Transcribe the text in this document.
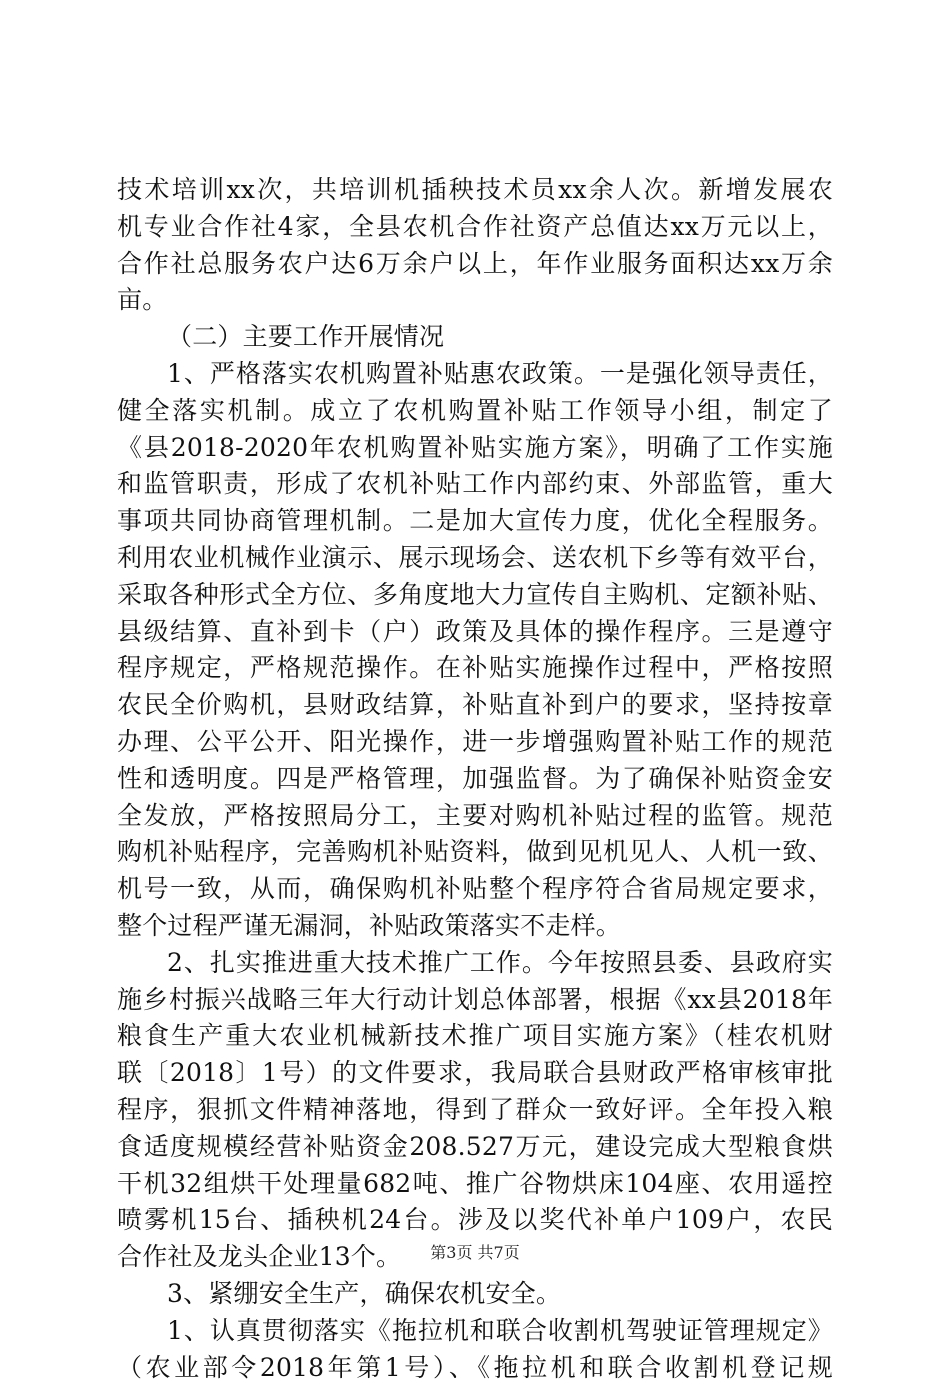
技术培训xx次，共培训机插秧技术员xx余人次。新增发展农
机专业合作社4家，全县农机合作社资产总值达xx万元以上，
合作社总服务农户达6万余户以上，年作业服务面积达xx万余
亩。
（二）主要工作开展情况
1、严格落实农机购置补贴惠农政策。一是强化领导责任，
健全落实机制。成立了农机购置补贴工作领导小组，制定了
《县2018-2020年农机购置补贴实施方案》，明确了工作实施
和监管职责，形成了农机补贴工作内部约束、外部监管，重大
事项共同协商管理机制。二是加大宣传力度，优化全程服务。
利用农业机械作业演示、展示现场会、送农机下乡等有效平台，
采取各种形式全方位、多角度地大力宣传自主购机、定额补贴、
县级结算、直补到卡（户）政策及具体的操作程序。三是遵守
程序规定，严格规范操作。在补贴实施操作过程中，严格按照
农民全价购机，县财政结算，补贴直补到户的要求，坚持按章
办理、公平公开、阳光操作，进一步增强购置补贴工作的规范
性和透明度。四是严格管理，加强监督。为了确保补贴资金安
全发放，严格按照局分工，主要对购机补贴过程的监管。规范
购机补贴程序，完善购机补贴资料，做到见机见人、人机一致、
机号一致，从而，确保购机补贴整个程序符合省局规定要求，
整个过程严谨无漏洞，补贴政策落实不走样。
2、扎实推进重大技术推广工作。今年按照县委、县政府实
施乡村振兴战略三年大行动计划总体部署，根据《xx县2018年
粮食生产重大农业机械新技术推广项目实施方案》（桂农机财
联〔2018〕1号）的文件要求，我局联合县财政严格审核审批
程序，狠抓文件精神落地，得到了群众一致好评。全年投入粮
食适度规模经营补贴资金208.527万元，建设完成大型粮食烘
干机32组烘干处理量682吨、推广谷物烘床104座、农用遥控
喷雾机15台、插秧机24台。涉及以奖代补单户109户，农民
合作社及龙头企业13个。
3、紧绷安全生产，确保农机安全。
1、认真贯彻落实《拖拉机和联合收割机驾驶证管理规定》
（农业部令2018年第1号）、《拖拉机和联合收割机登记规
第3页 共7页
